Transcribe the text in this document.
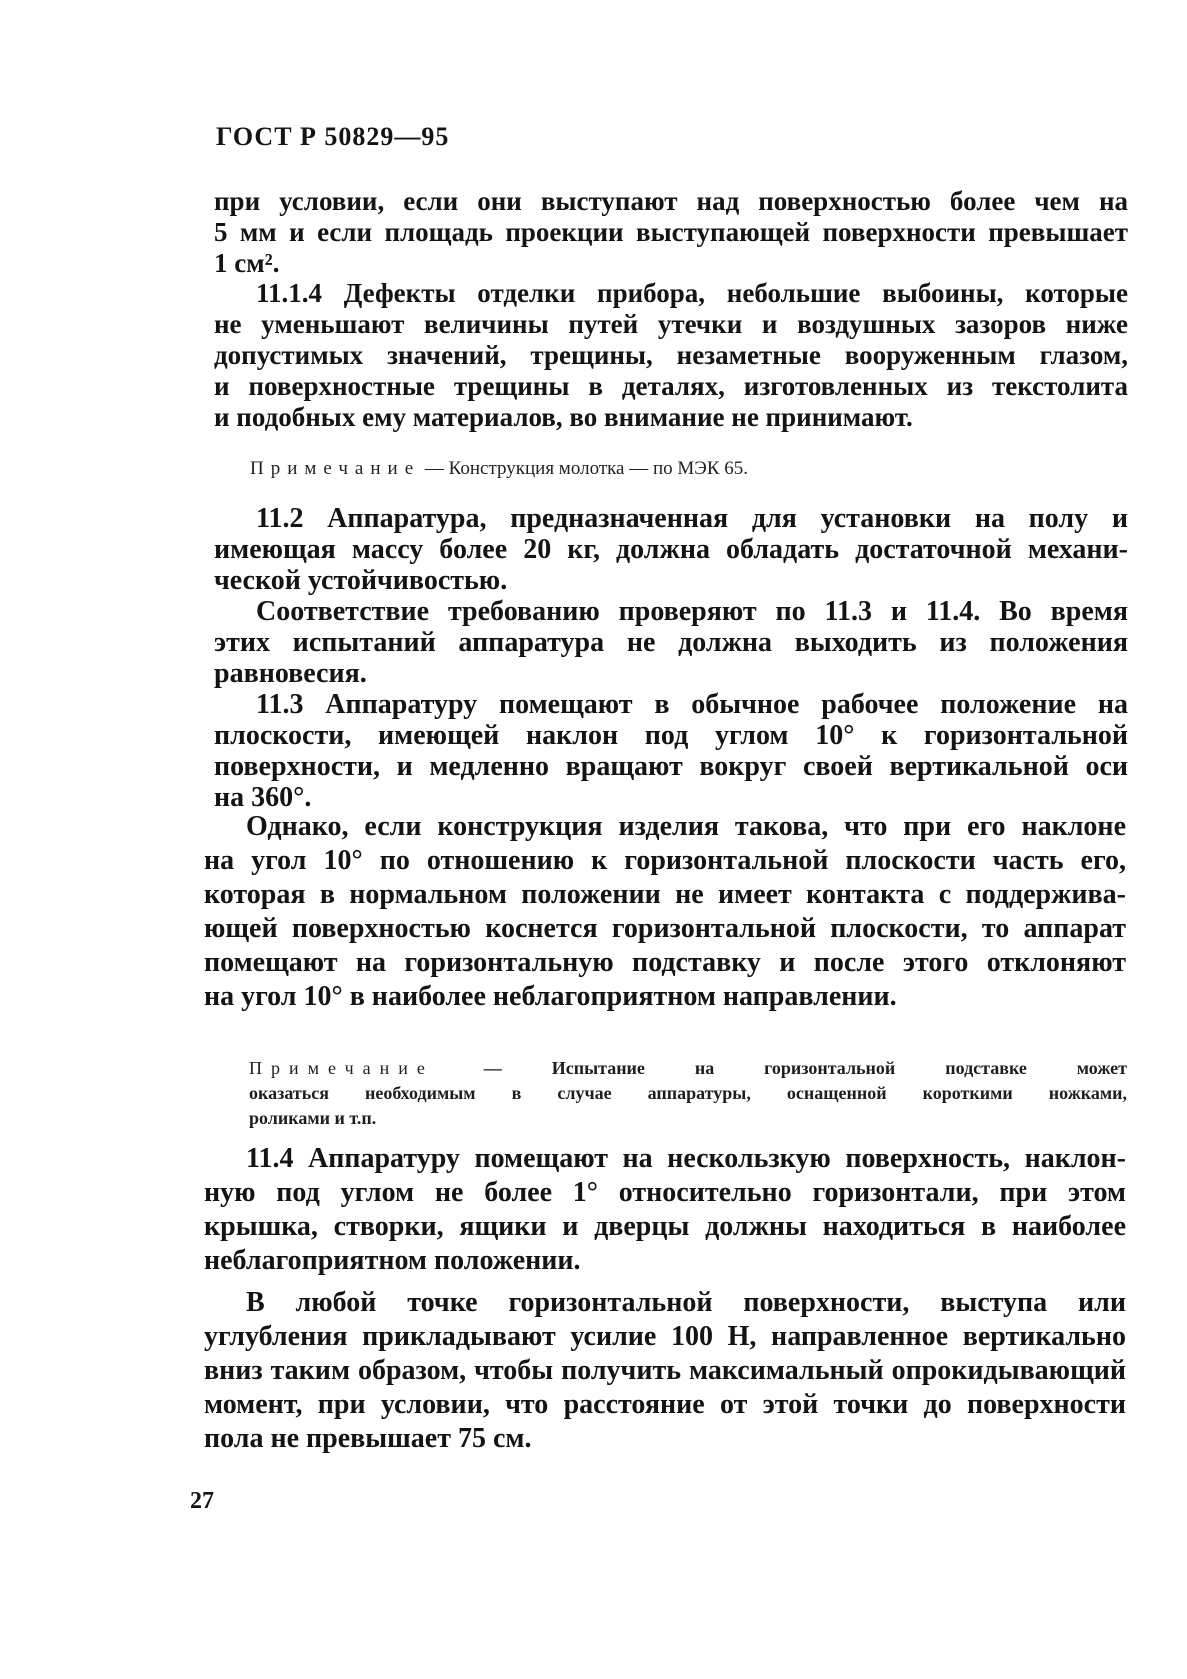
ГОСТ Р 50829—95
при условии, если они выступают над поверхностью более чем на
5 мм и если площадь проекции выступающей поверхности превышает
1 см².
11.1.4 Дефекты отделки прибора, небольшие выбоины, которые
не уменьшают величины путей утечки и воздушных зазоров ниже
допустимых значений, трещины, незаметные вооруженным глазом,
и поверхностные трещины в деталях, изготовленных из текстолита
и подобных ему материалов, во внимание не принимают.
Примечание — Конструкция молотка — по МЭК 65.
11.2 Аппаратура, предназначенная для установки на полу и
имеющая массу более 20 кг, должна обладать достаточной механи-
ческой устойчивостью.
Соответствие требованию проверяют по 11.3 и 11.4. Во время
этих испытаний аппаратура не должна выходить из положения
равновесия.
11.3 Аппаратуру помещают в обычное рабочее положение на
плоскости, имеющей наклон под углом 10° к горизонтальной
поверхности, и медленно вращают вокруг своей вертикальной оси
на 360°.
Однако, если конструкция изделия такова, что при его наклоне
на угол 10° по отношению к горизонтальной плоскости часть его,
которая в нормальном положении не имеет контакта с поддержива-
ющей поверхностью коснется горизонтальной плоскости, то аппарат
помещают на горизонтальную подставку и после этого отклоняют
на угол 10° в наиболее неблагоприятном направлении.
Примечание	— Испытание на горизонтальной подставке может
оказаться необходимым в случае аппаратуры, оснащенной короткими ножками,
роликами и т.п.
11.4 Аппаратуру помещают на нескользкую поверхность, наклон-
ную под углом не более 1° относительно горизонтали, при этом
крышка, створки, ящики и дверцы должны находиться в наиболее
неблагоприятном положении.
В любой точке горизонтальной поверхности, выступа или
углубления прикладывают усилие 100 Н, направленное вертикально
вниз таким образом, чтобы получить максимальный опрокидывающий
момент, при условии, что расстояние от этой точки до поверхности
пола не превышает 75 см.
27
